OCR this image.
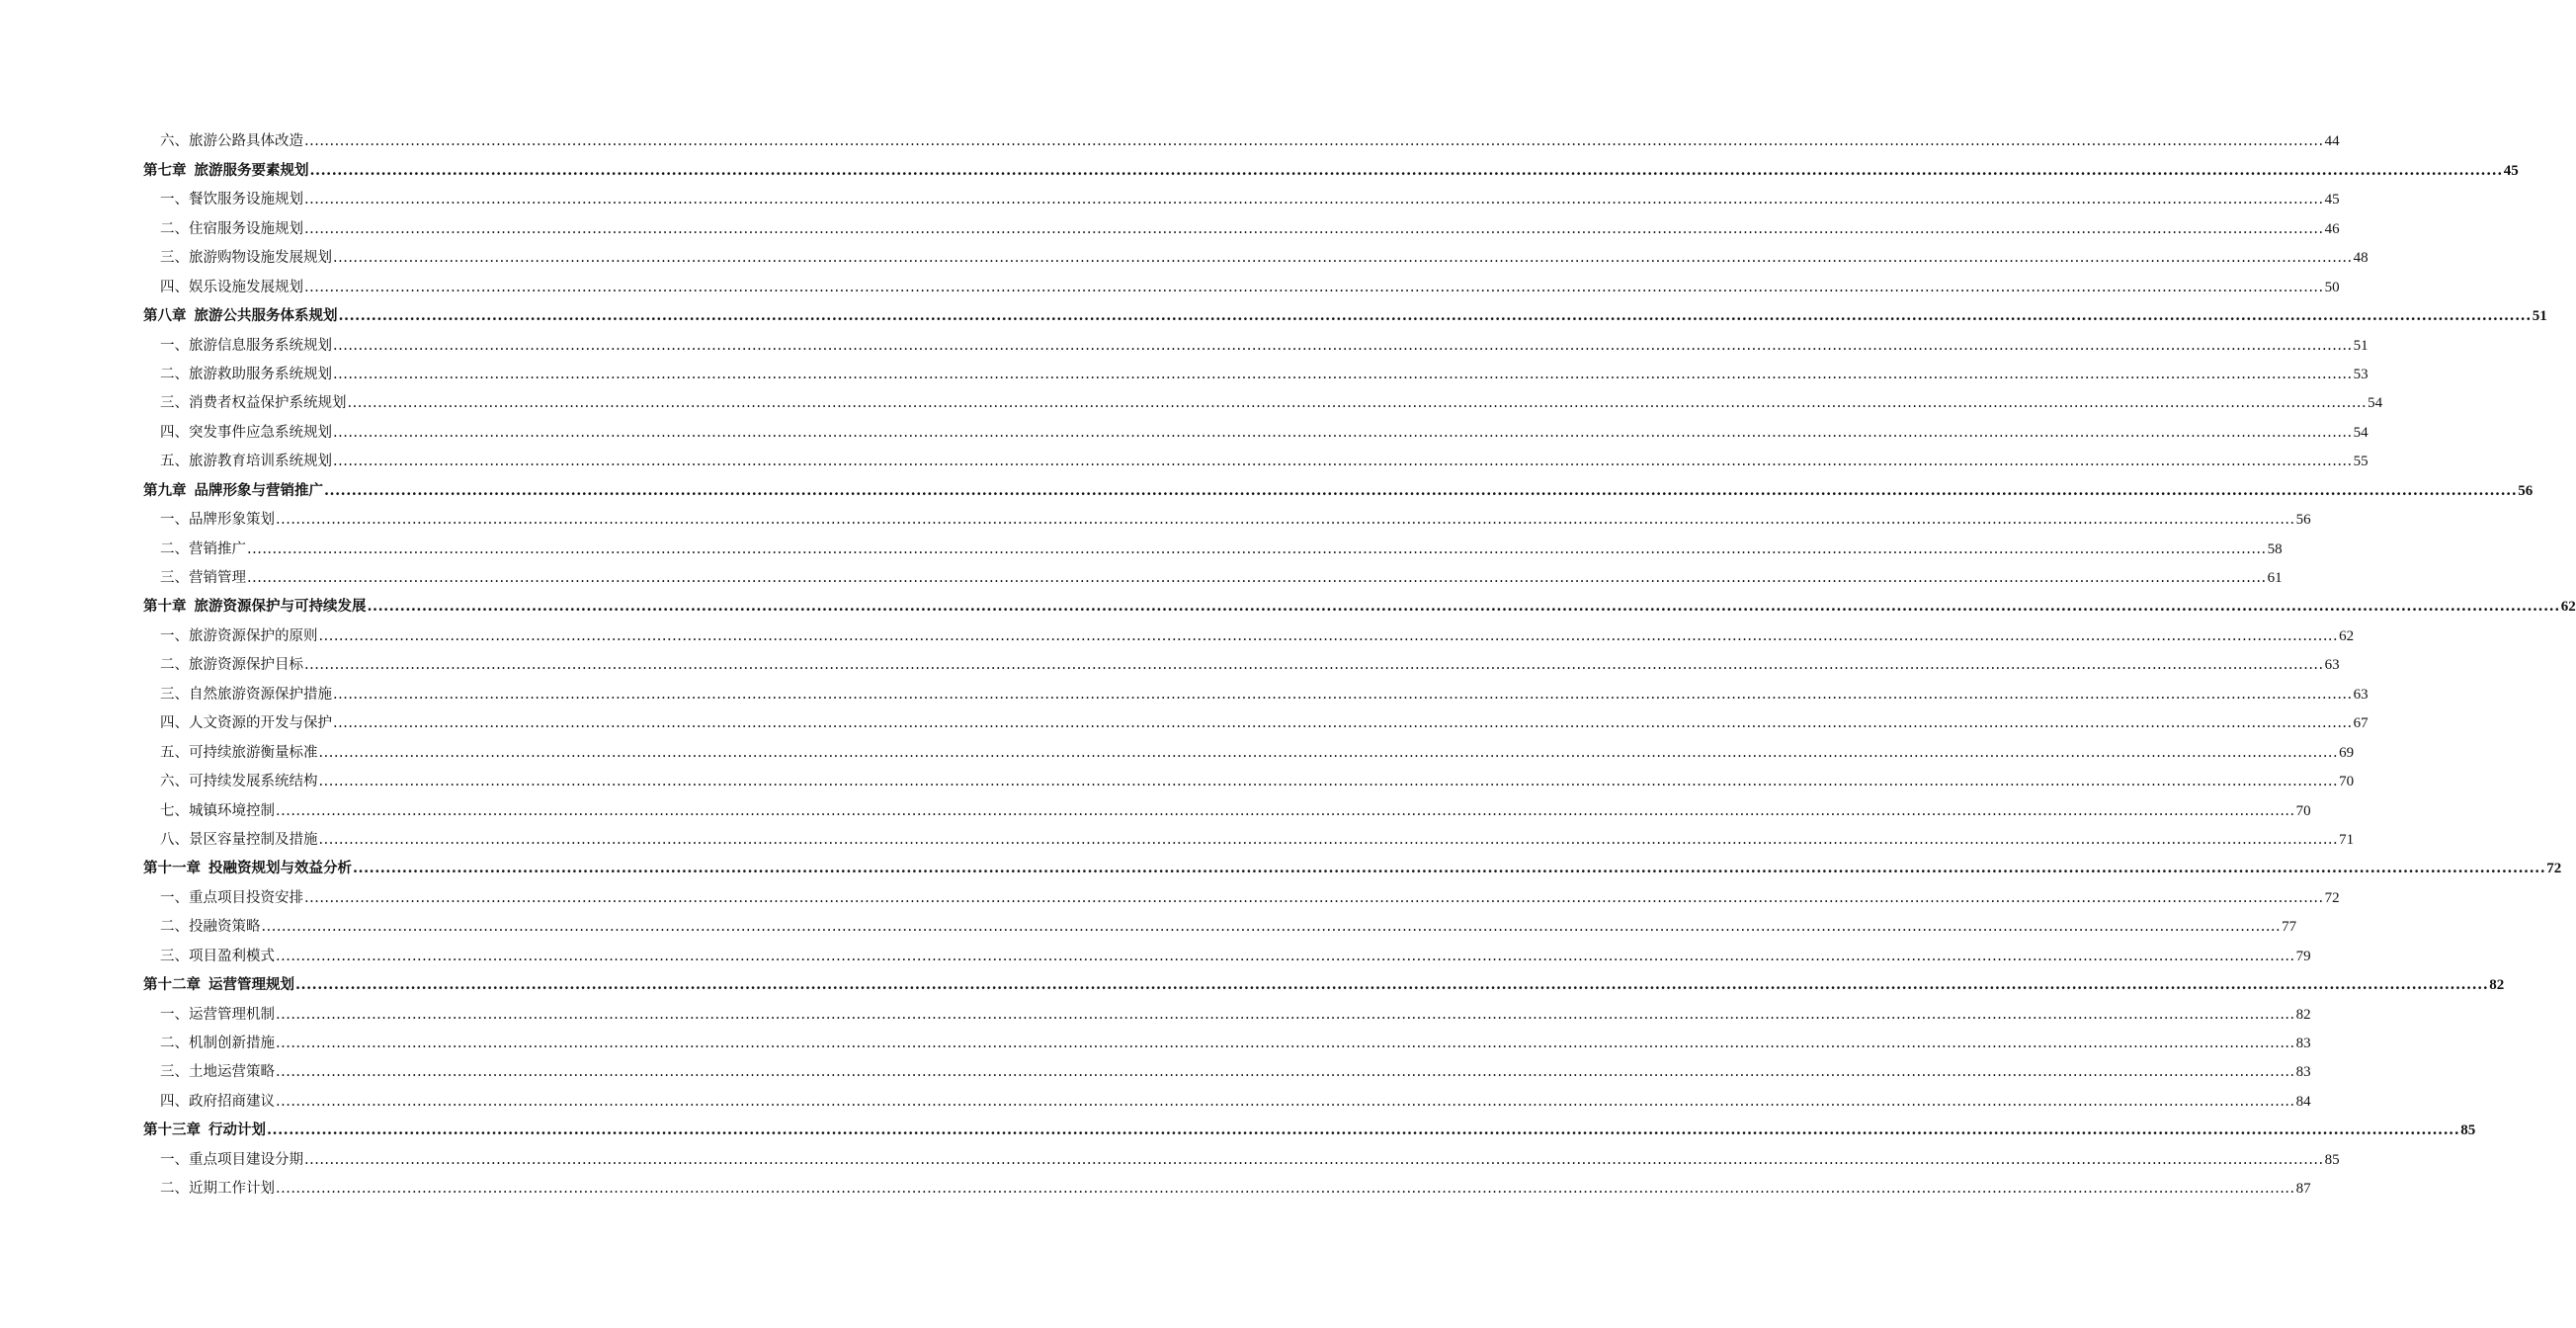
六、 旅游公路具体改造 ................................................................................................................................................................................................................................................................................................................................................................................................................ 44
第七章 旅游服务要素规划 ................................................................................................................................................................................................................................................................................................................................................................................................................ 45
一、 餐饮服务设施规划 ................................................................................................................................................................................................................................................................................................................................................................................................................ 45
二、 住宿服务设施规划 ................................................................................................................................................................................................................................................................................................................................................................................................................ 46
三、 旅游购物设施发展规划 ................................................................................................................................................................................................................................................................................................................................................................................................................ 48
四、 娱乐设施发展规划 ................................................................................................................................................................................................................................................................................................................................................................................................................ 50
第八章 旅游公共服务体系规划 ................................................................................................................................................................................................................................................................................................................................................................................................................ 51
一、 旅游信息服务系统规划 ................................................................................................................................................................................................................................................................................................................................................................................................................ 51
二、 旅游救助服务系统规划 ................................................................................................................................................................................................................................................................................................................................................................................................................ 53
三、 消费者权益保护系统规划 ................................................................................................................................................................................................................................................................................................................................................................................................................ 54
四、 突发事件应急系统规划 ................................................................................................................................................................................................................................................................................................................................................................................................................ 54
五、 旅游教育培训系统规划 ................................................................................................................................................................................................................................................................................................................................................................................................................ 55
第九章 品牌形象与营销推广 ................................................................................................................................................................................................................................................................................................................................................................................................................ 56
一、 品牌形象策划 ................................................................................................................................................................................................................................................................................................................................................................................................................ 56
二、 营销推广 ................................................................................................................................................................................................................................................................................................................................................................................................................ 58
三、 营销管理 ................................................................................................................................................................................................................................................................................................................................................................................................................ 61
第十章 旅游资源保护与可持续发展 ................................................................................................................................................................................................................................................................................................................................................................................................................ 62
一、 旅游资源保护的原则 ................................................................................................................................................................................................................................................................................................................................................................................................................ 62
二、 旅游资源保护目标 ................................................................................................................................................................................................................................................................................................................................................................................................................ 63
三、 自然旅游资源保护措施 ................................................................................................................................................................................................................................................................................................................................................................................................................ 63
四、 人文资源的开发与保护 ................................................................................................................................................................................................................................................................................................................................................................................................................ 67
五、 可持续旅游衡量标准 ................................................................................................................................................................................................................................................................................................................................................................................................................ 69
六、 可持续发展系统结构 ................................................................................................................................................................................................................................................................................................................................................................................................................ 70
七、 城镇环境控制 ................................................................................................................................................................................................................................................................................................................................................................................................................ 70
八、 景区容量控制及措施 ................................................................................................................................................................................................................................................................................................................................................................................................................ 71
第十一章 投融资规划与效益分析 ................................................................................................................................................................................................................................................................................................................................................................................................................ 72
一、 重点项目投资安排 ................................................................................................................................................................................................................................................................................................................................................................................................................ 72
二、 投融资策略 ................................................................................................................................................................................................................................................................................................................................................................................................................ 77
三、 项目盈利模式 ................................................................................................................................................................................................................................................................................................................................................................................................................ 79
第十二章 运营管理规划 ................................................................................................................................................................................................................................................................................................................................................................................................................ 82
一、 运营管理机制 ................................................................................................................................................................................................................................................................................................................................................................................................................ 82
二、 机制创新措施 ................................................................................................................................................................................................................................................................................................................................................................................................................ 83
三、 土地运营策略 ................................................................................................................................................................................................................................................................................................................................................................................................................ 83
四、 政府招商建议 ................................................................................................................................................................................................................................................................................................................................................................................................................ 84
第十三章 行动计划 ................................................................................................................................................................................................................................................................................................................................................................................................................ 85
一、 重点项目建设分期 ................................................................................................................................................................................................................................................................................................................................................................................................................ 85
二、 近期工作计划 ................................................................................................................................................................................................................................................................................................................................................................................................................ 87
